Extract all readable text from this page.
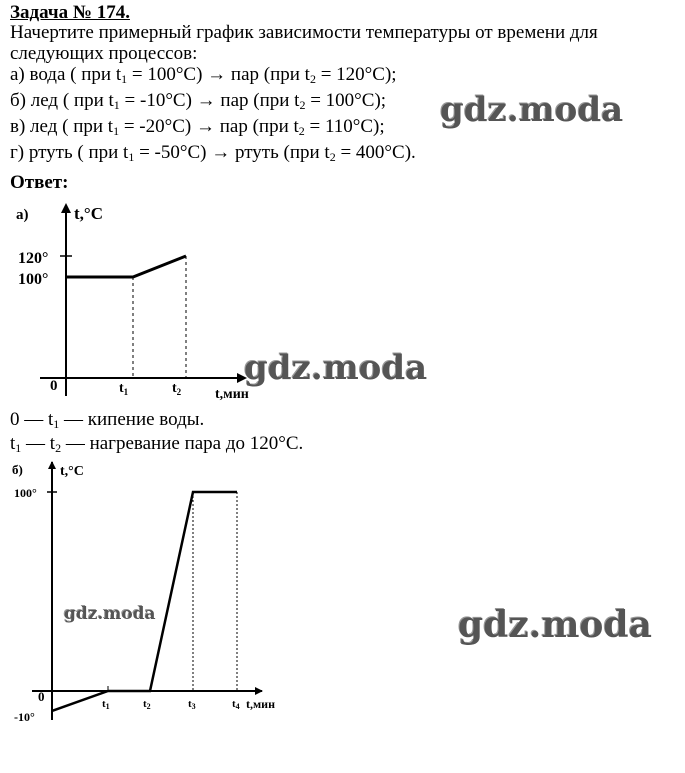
Задача № 174.
Начертите примерный график зависимости температуры от времени для
следующих процессов:
а) вода ( при $t_1 = 100^\circ C$) → пар (при $t_2 = 120^\circ C$);
б) лед ( при $t_1 = -10^\circ C$) → пар (при $t_2 = 100^\circ C$);
в) лед ( при $t_1 = -20^\circ C$) → пар (при $t_2 = 110^\circ C$);
г) ртуть ( при $t_1 = -50^\circ C$) → ртуть (при $t_2 = 400^\circ C$).
Ответ:
а)	t,°C
t,мин
0
120°
100°
$t_1$	$t_2$
0 — $t_1$ — кипение воды.
$t_1$ — $t_2$ — нагревание пара до 120°C.
б)	t,°C
t,мин
0
100°
-10°
t1	t2	t3	t4
gdz.moda
gdz.moda
gdz.moda	gdz.moda
